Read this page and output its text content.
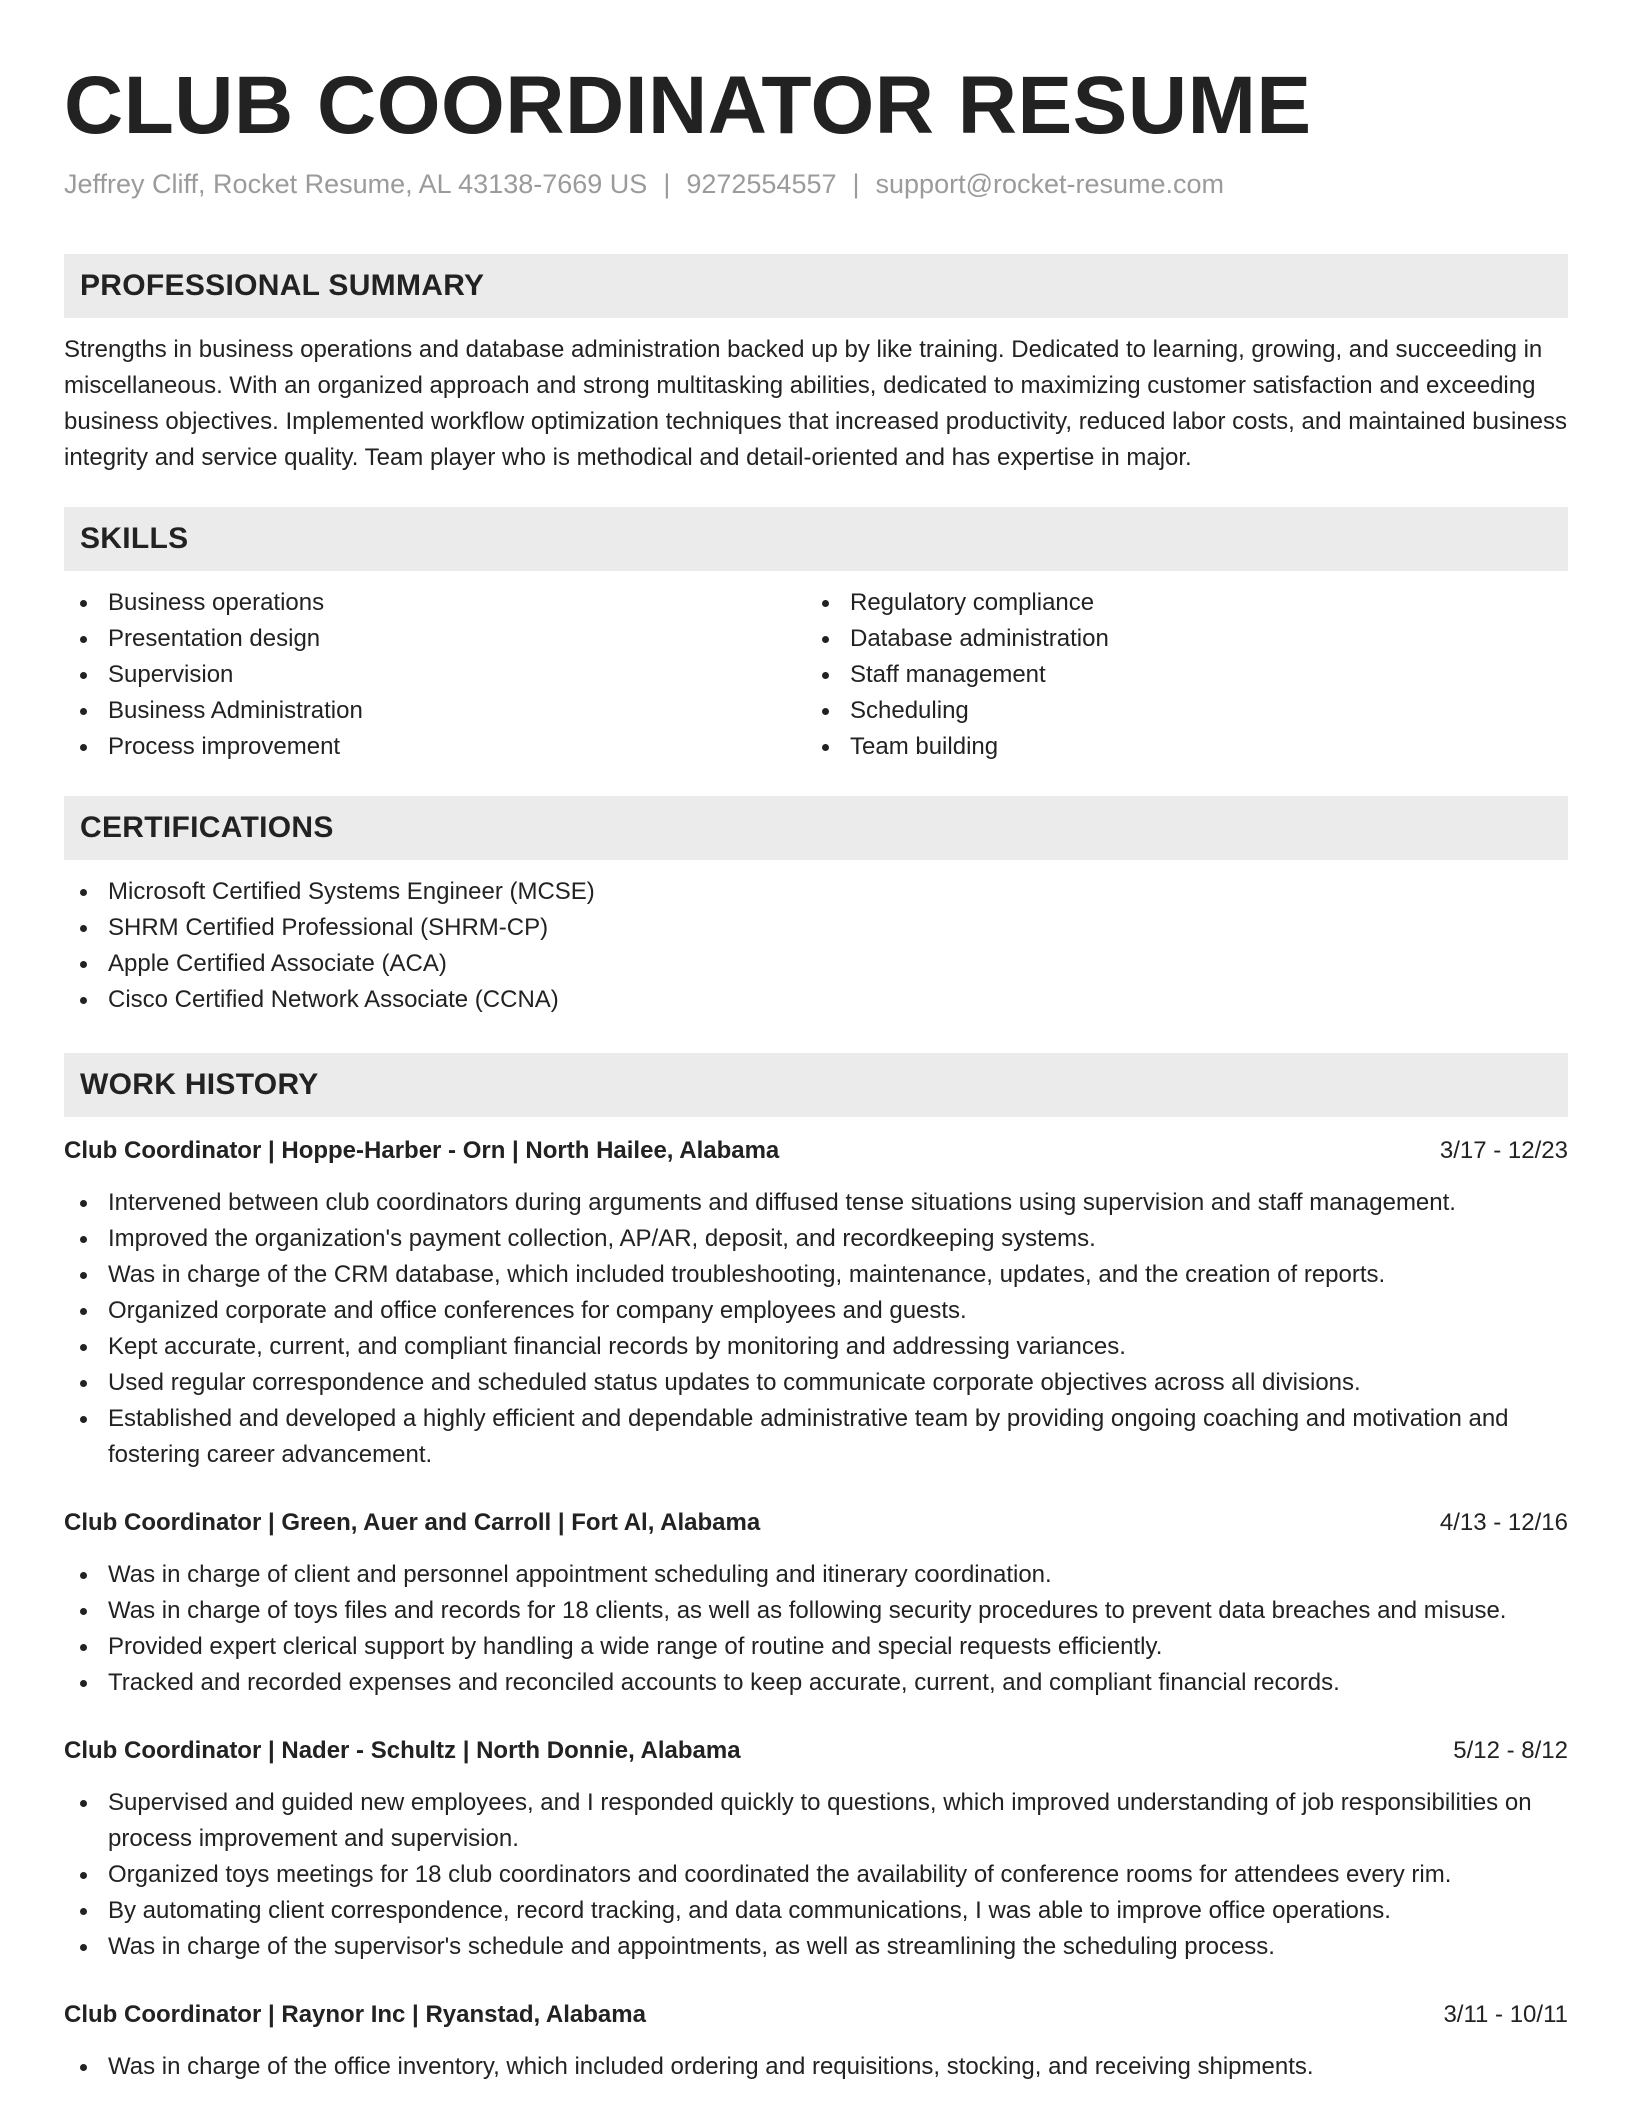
CLUB COORDINATOR RESUME
Jeffrey Cliff, Rocket Resume, AL 43138-7669 US | 9272554557 | support@rocket-resume.com
PROFESSIONAL SUMMARY

Strengths in business operations and database administration backed up by like training. Dedicated to learning, growing, and succeeding in miscellaneous. With an organized approach and strong multitasking abilities, dedicated to maximizing customer satisfaction and exceeding business objectives. Implemented workflow optimization techniques that increased productivity, reduced labor costs, and maintained business integrity and service quality. Team player who is methodical and detail-oriented and has expertise in major.

SKILLS
Business operations
Presentation design
Supervision
Business Administration
Process improvement
Regulatory compliance
Database administration
Staff management
Scheduling
Team building
CERTIFICATIONS
Microsoft Certified Systems Engineer (MCSE)
SHRM Certified Professional (SHRM-CP)
Apple Certified Associate (ACA)
Cisco Certified Network Associate (CCNA)
WORK HISTORY
Club Coordinator | Hoppe-Harber - Orn | North Hailee, Alabama	3/17 - 12/23
Intervened between club coordinators during arguments and diffused tense situations using supervision and staff management.
Improved the organization's payment collection, AP/AR, deposit, and recordkeeping systems.
Was in charge of the CRM database, which included troubleshooting, maintenance, updates, and the creation of reports.
Organized corporate and office conferences for company employees and guests.
Kept accurate, current, and compliant financial records by monitoring and addressing variances.
Used regular correspondence and scheduled status updates to communicate corporate objectives across all divisions.
Established and developed a highly efficient and dependable administrative team by providing ongoing coaching and motivation and fostering career advancement.
Club Coordinator | Green, Auer and Carroll | Fort Al, Alabama	4/13 - 12/16
Was in charge of client and personnel appointment scheduling and itinerary coordination.
Was in charge of toys files and records for 18 clients, as well as following security procedures to prevent data breaches and misuse.
Provided expert clerical support by handling a wide range of routine and special requests efficiently.
Tracked and recorded expenses and reconciled accounts to keep accurate, current, and compliant financial records.
Club Coordinator | Nader - Schultz | North Donnie, Alabama	5/12 - 8/12
Supervised and guided new employees, and I responded quickly to questions, which improved understanding of job responsibilities on process improvement and supervision.
Organized toys meetings for 18 club coordinators and coordinated the availability of conference rooms for attendees every rim.
By automating client correspondence, record tracking, and data communications, I was able to improve office operations.
Was in charge of the supervisor's schedule and appointments, as well as streamlining the scheduling process.
Club Coordinator | Raynor Inc | Ryanstad, Alabama	3/11 - 10/11
Was in charge of the office inventory, which included ordering and requisitions, stocking, and receiving shipments.
